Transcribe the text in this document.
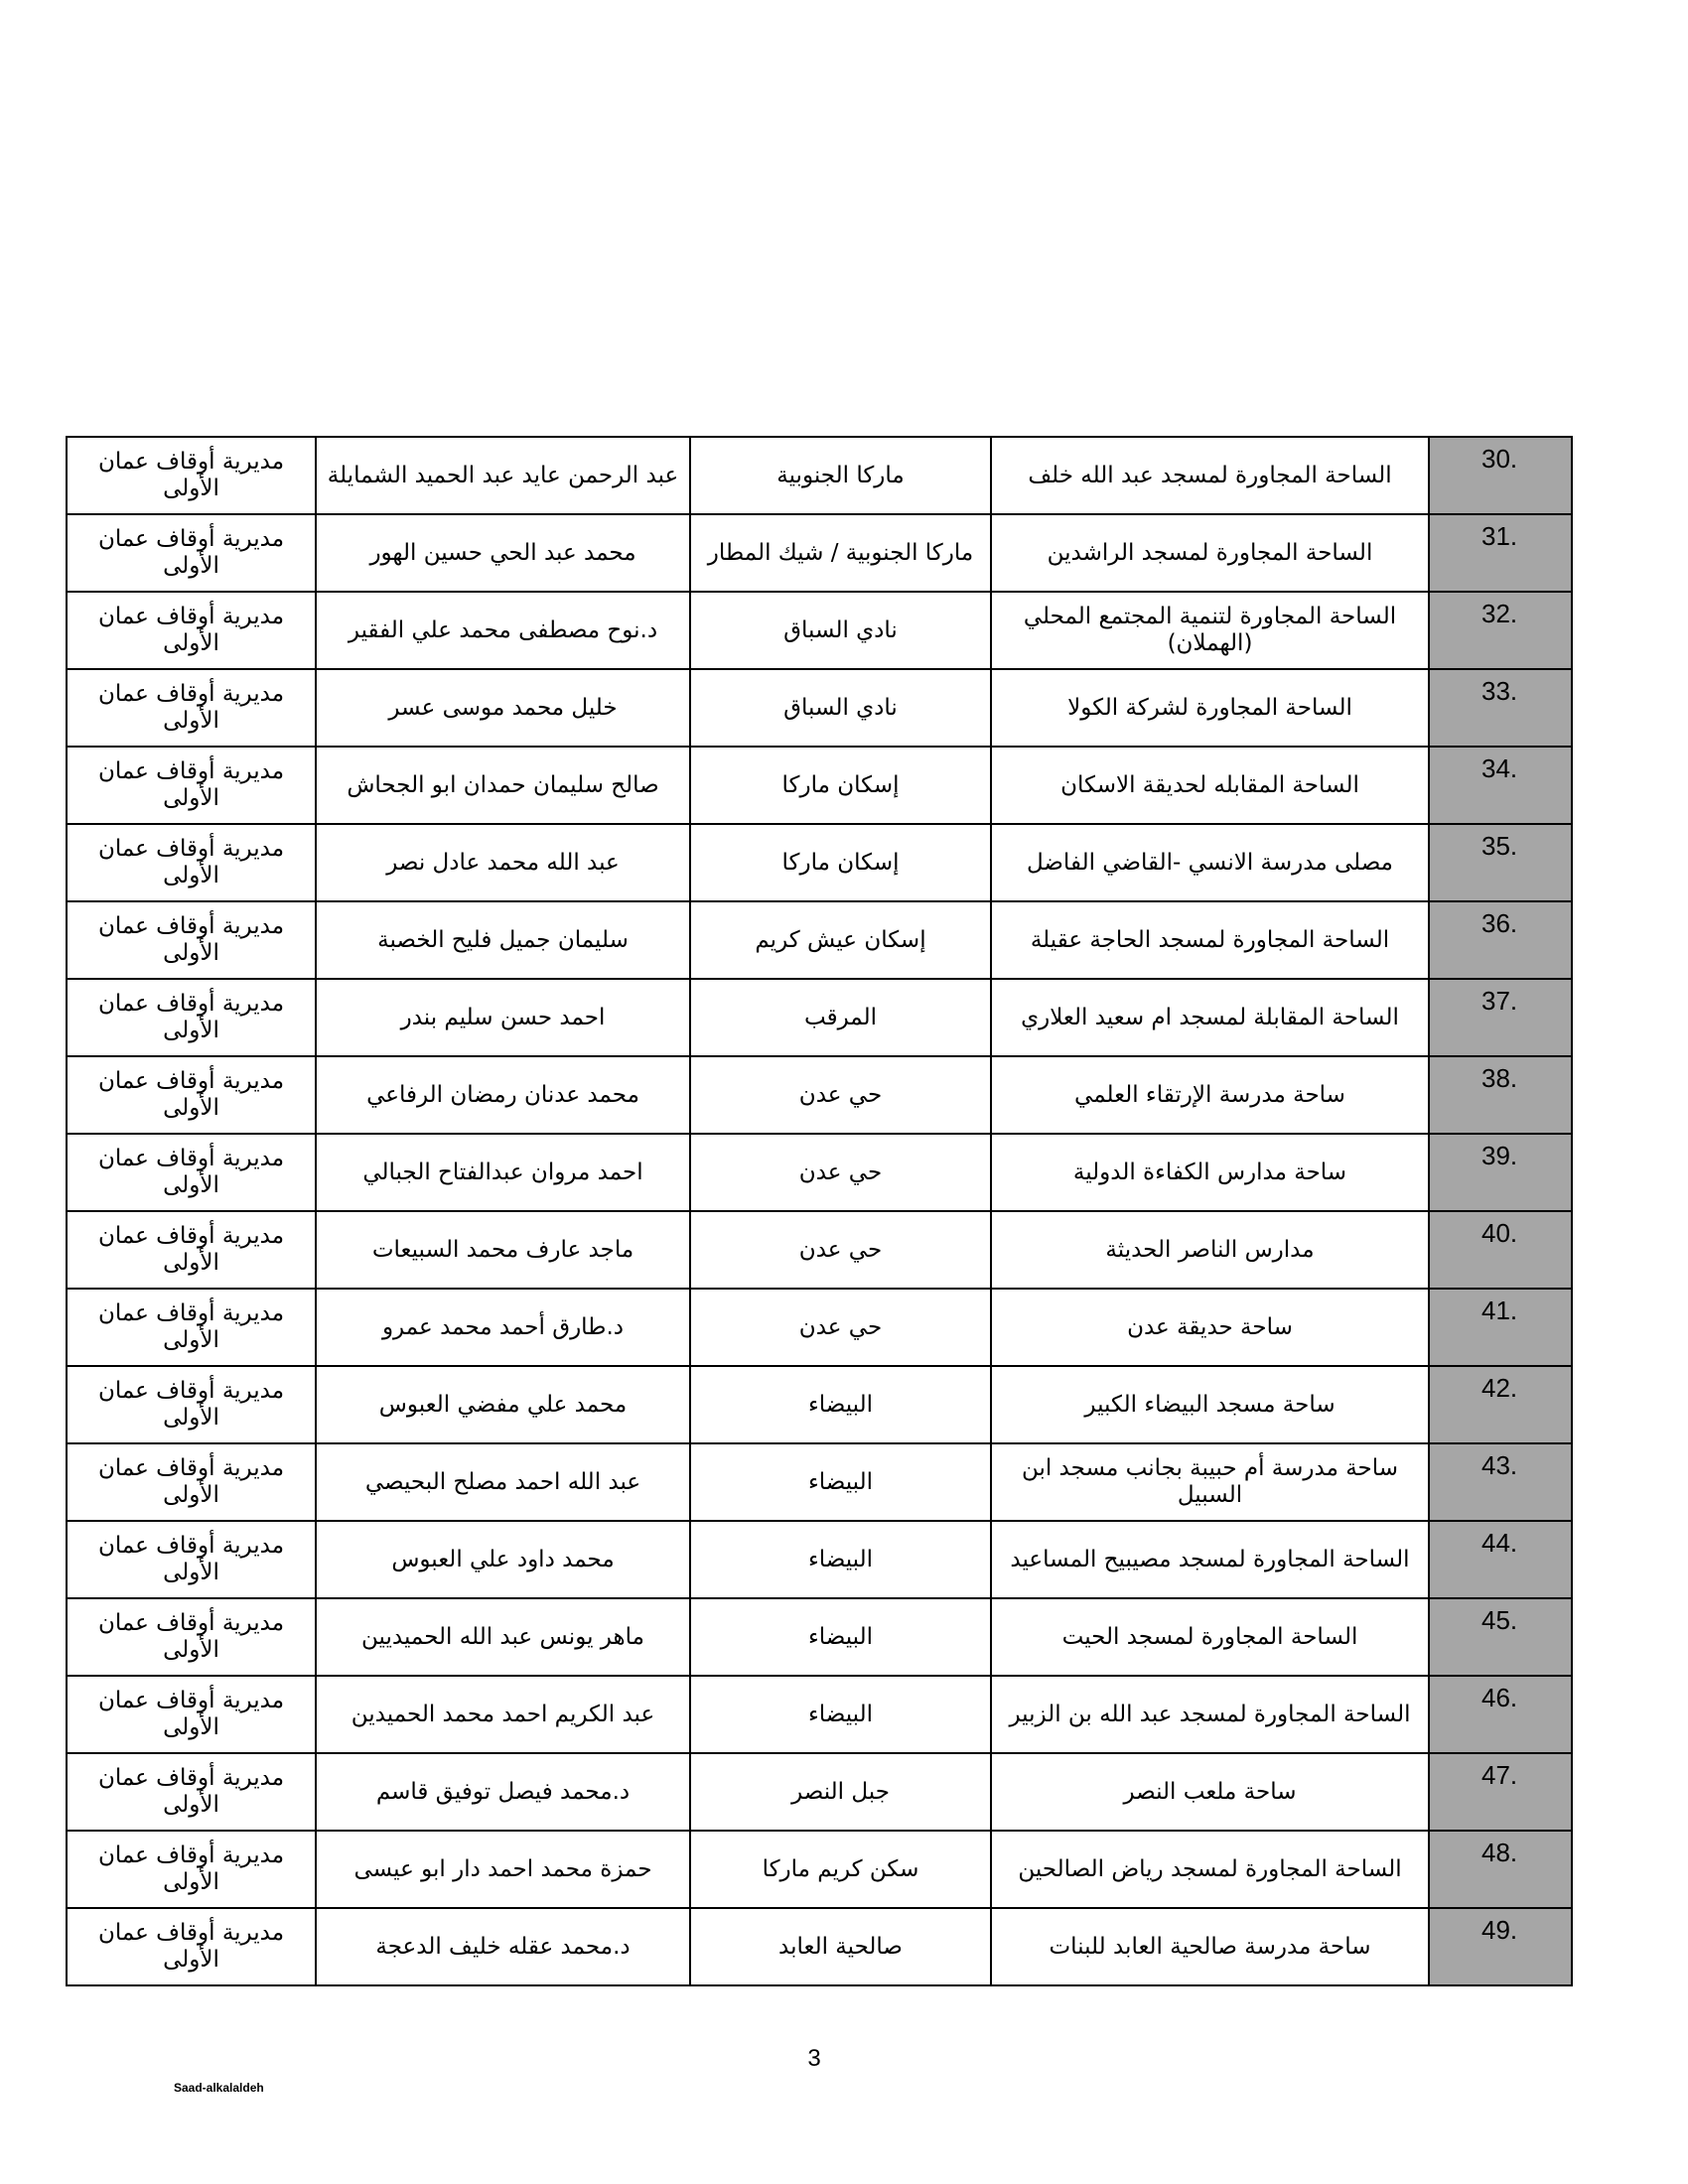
مديرية أوقاف عمان الأولى	عبد الرحمن عايد عبد الحميد الشمايلة	ماركا الجنوبية	الساحة المجاورة لمسجد عبد الله خلف	30.
مديرية أوقاف عمان الأولى	محمد عبد الحي حسين الهور	ماركا الجنوبية / شيك المطار	الساحة المجاورة لمسجد الراشدين	31.
مديرية أوقاف عمان الأولى	د.نوح مصطفى محمد علي الفقير	نادي السباق	الساحة المجاورة لتنمية المجتمع المحلي (الهملان)	32.
مديرية أوقاف عمان الأولى	خليل محمد موسى عسر	نادي السباق	الساحة المجاورة لشركة الكولا	33.
مديرية أوقاف عمان الأولى	صالح سليمان حمدان ابو الجحاش	إسكان ماركا	الساحة المقابله لحديقة الاسكان	34.
مديرية أوقاف عمان الأولى	عبد الله محمد عادل نصر	إسكان ماركا	مصلى مدرسة الانسي -القاضي الفاضل	35.
مديرية أوقاف عمان الأولى	سليمان جميل فليح الخصبة	إسكان عيش كريم	الساحة المجاورة لمسجد الحاجة عقيلة	36.
مديرية أوقاف عمان الأولى	احمد حسن سليم بندر	المرقب	الساحة المقابلة لمسجد ام سعيد العلاري	37.
مديرية أوقاف عمان الأولى	محمد عدنان رمضان الرفاعي	حي عدن	ساحة مدرسة الإرتقاء العلمي	38.
مديرية أوقاف عمان الأولى	احمد مروان عبدالفتاح الجبالي	حي عدن	ساحة مدارس الكفاءة الدولية	39.
مديرية أوقاف عمان الأولى	ماجد عارف محمد السبيعات	حي عدن	مدارس الناصر الحديثة	40.
مديرية أوقاف عمان الأولى	د.طارق أحمد محمد عمرو	حي عدن	ساحة حديقة عدن	41.
مديرية أوقاف عمان الأولى	محمد علي مفضي العبوس	البيضاء	ساحة مسجد البيضاء الكبير	42.
مديرية أوقاف عمان الأولى	عبد الله احمد مصلح البحيصي	البيضاء	ساحة مدرسة أم حبيبة بجانب مسجد ابن السبيل	43.
مديرية أوقاف عمان الأولى	محمد داود علي العبوس	البيضاء	الساحة المجاورة لمسجد مصيبيح المساعيد	44.
مديرية أوقاف عمان الأولى	ماهر يونس عبد الله الحميديين	البيضاء	الساحة المجاورة لمسجد الحيت	45.
مديرية أوقاف عمان الأولى	عبد الكريم احمد محمد الحميدين	البيضاء	الساحة المجاورة لمسجد عبد الله بن الزبير	46.
مديرية أوقاف عمان الأولى	د.محمد فيصل توفيق قاسم	جبل النصر	ساحة ملعب النصر	47.
مديرية أوقاف عمان الأولى	حمزة محمد احمد دار ابو عيسى	سكن كريم ماركا	الساحة المجاورة لمسجد رياض الصالحين	48.
مديرية أوقاف عمان الأولى	د.محمد عقله خليف الدعجة	صالحية العابد	ساحة مدرسة صالحية العابد للبنات	49.
3
Saad-alkalaldeh
